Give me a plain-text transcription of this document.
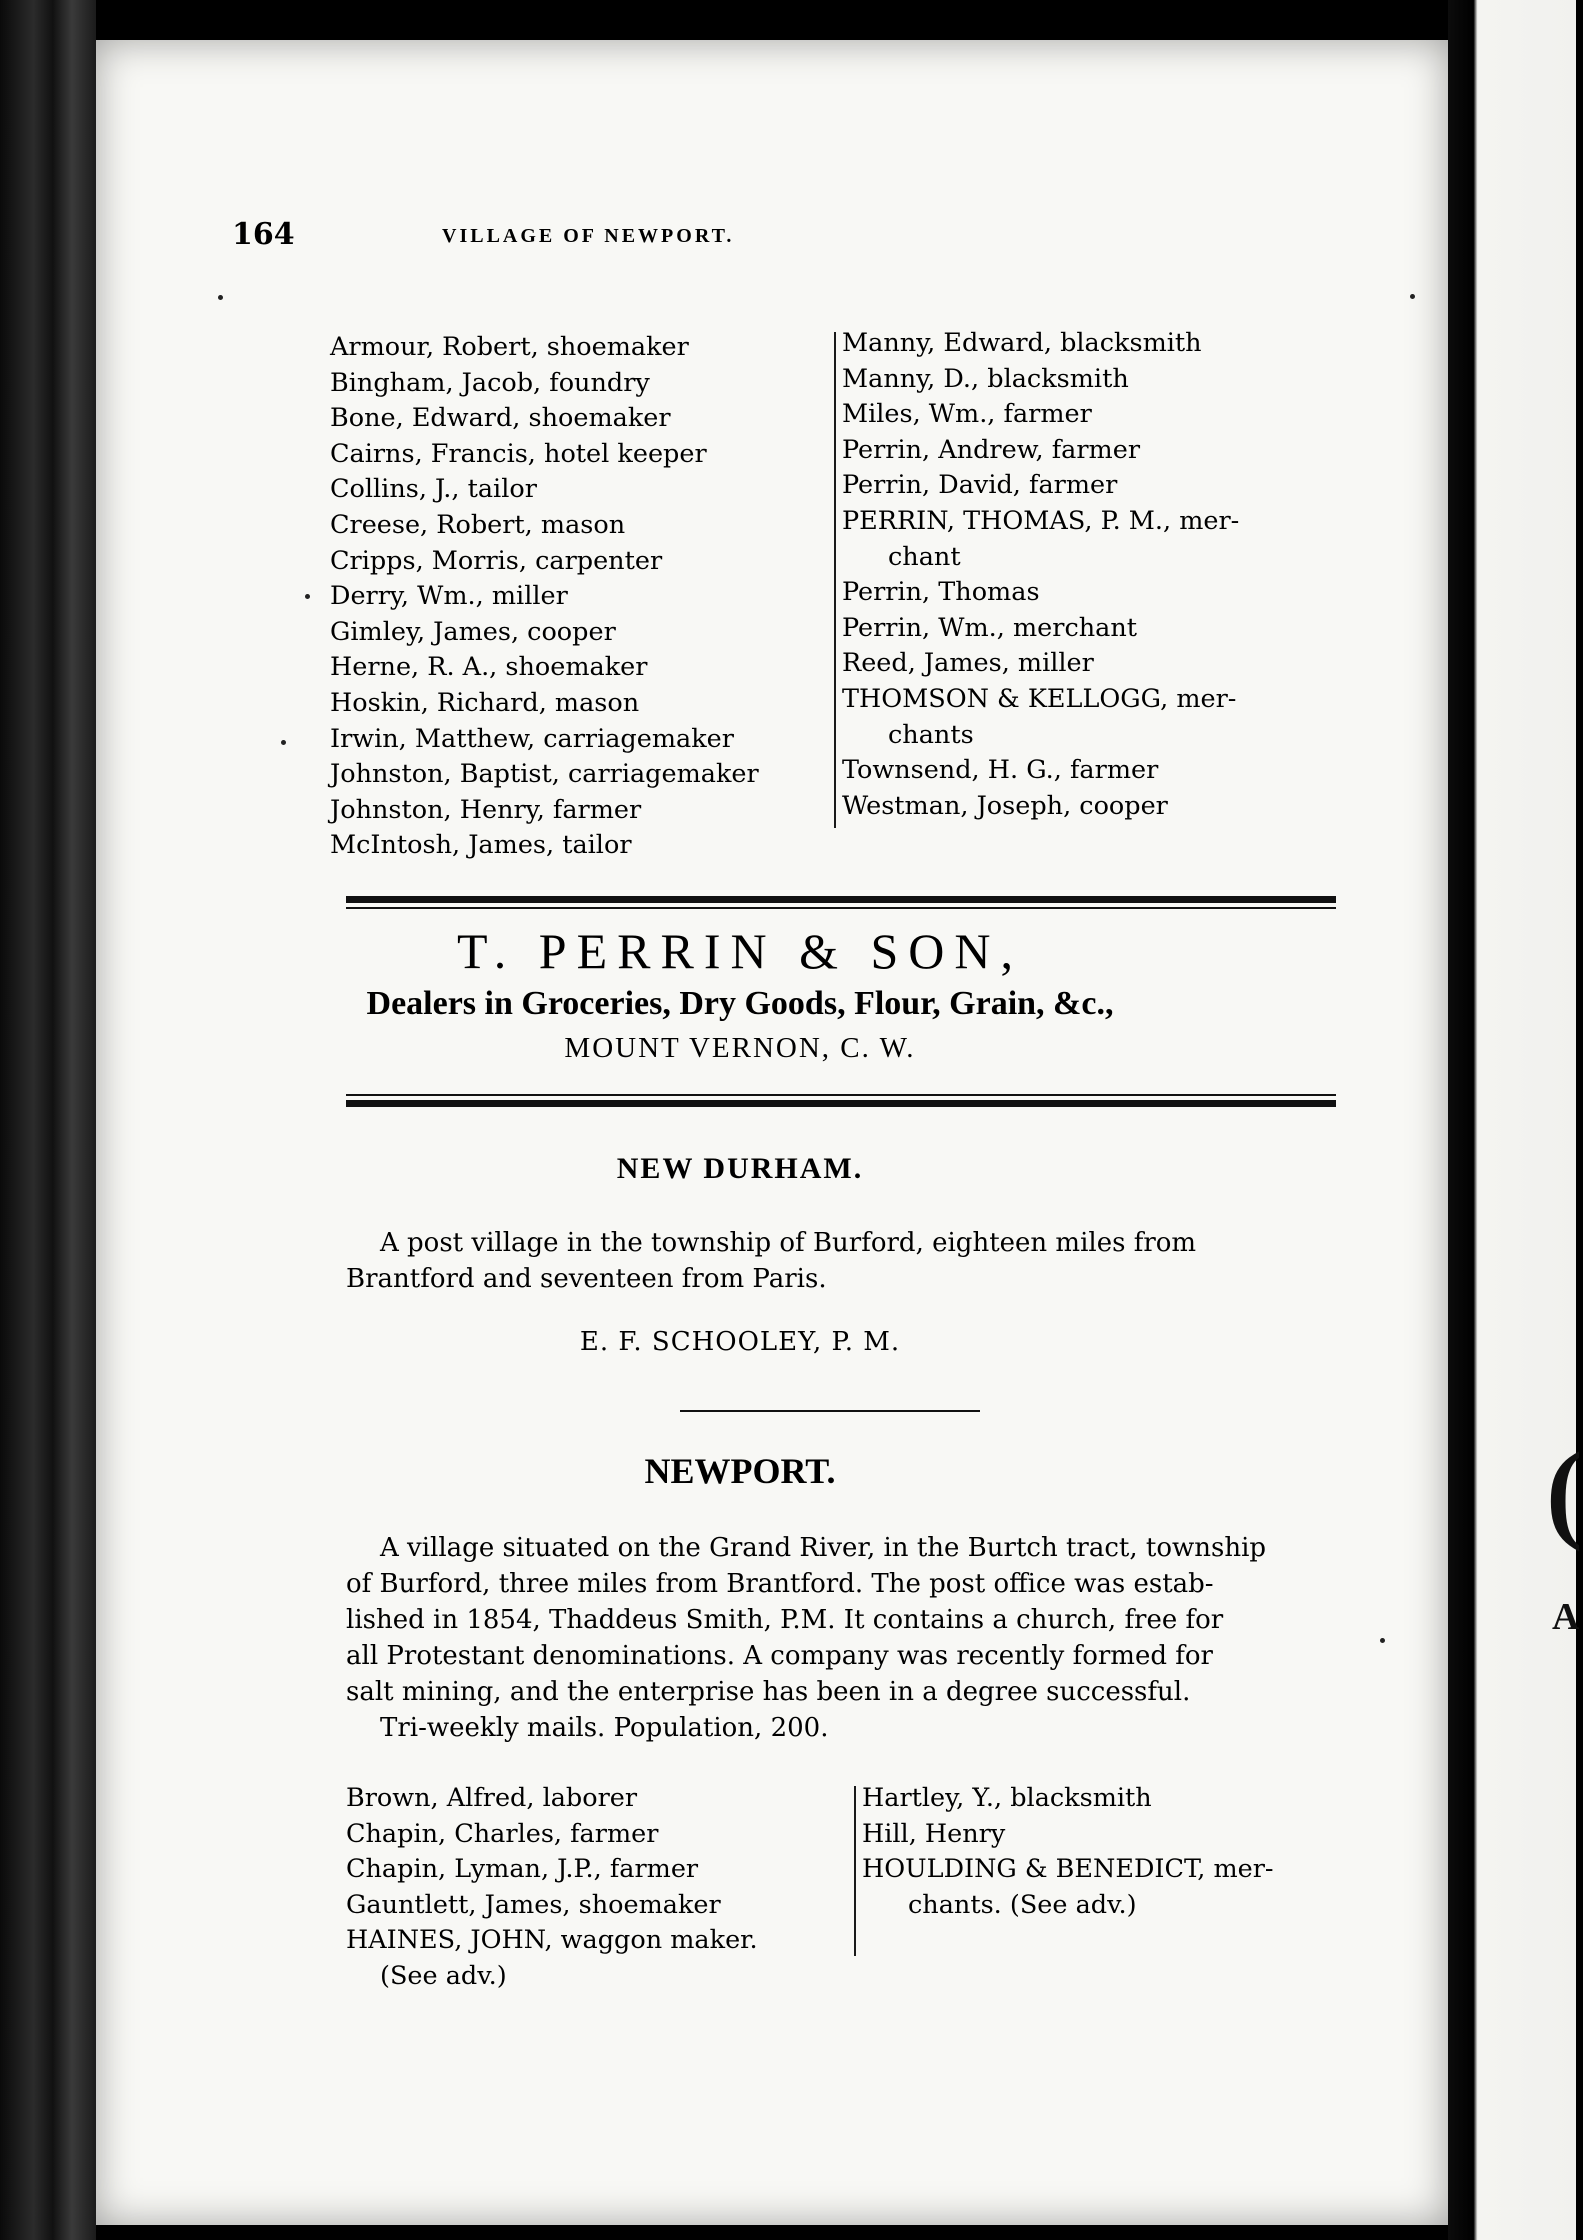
(
A
164	VILLAGE OF NEWPORT.
Armour, Robert, shoemaker
Bingham, Jacob, foundry
Bone, Edward, shoemaker
Cairns, Francis, hotel keeper
Collins, J., tailor
Creese, Robert, mason
Cripps, Morris, carpenter
Derry, Wm., miller
Gimley, James, cooper
Herne, R. A., shoemaker
Hoskin, Richard, mason
Irwin, Matthew, carriagemaker
Johnston, Baptist, carriagemaker
Johnston, Henry, farmer
McIntosh, James, tailor
Manny, Edward, blacksmith
Manny, D., blacksmith
Miles, Wm., farmer
Perrin, Andrew, farmer
Perrin, David, farmer
PERRIN, THOMAS, P. M., mer-
chant
Perrin, Thomas
Perrin, Wm., merchant
Reed, James, miller
THOMSON & KELLOGG, mer-
chants
Townsend, H. G., farmer
Westman, Joseph, cooper
T. PERRIN & SON,
Dealers in Groceries, Dry Goods, Flour, Grain, &c.,
MOUNT VERNON, C. W.
NEW DURHAM.
A post village in the township of Burford, eighteen miles from
Brantford and seventeen from Paris.
E. F. SCHOOLEY, P. M.
NEWPORT.
A village situated on the Grand River, in the Burtch tract, township
of Burford, three miles from Brantford. The post office was estab-
lished in 1854, Thaddeus Smith, P.M. It contains a church, free for
all Protestant denominations. A company was recently formed for
salt mining, and the enterprise has been in a degree successful.
Tri-weekly mails. Population, 200.
Brown, Alfred, laborer
Chapin, Charles, farmer
Chapin, Lyman, J.P., farmer
Gauntlett, James, shoemaker
HAINES, JOHN, waggon maker.
(See adv.)
Hartley, Y., blacksmith
Hill, Henry
HOULDING & BENEDICT, mer-
chants. (See adv.)
